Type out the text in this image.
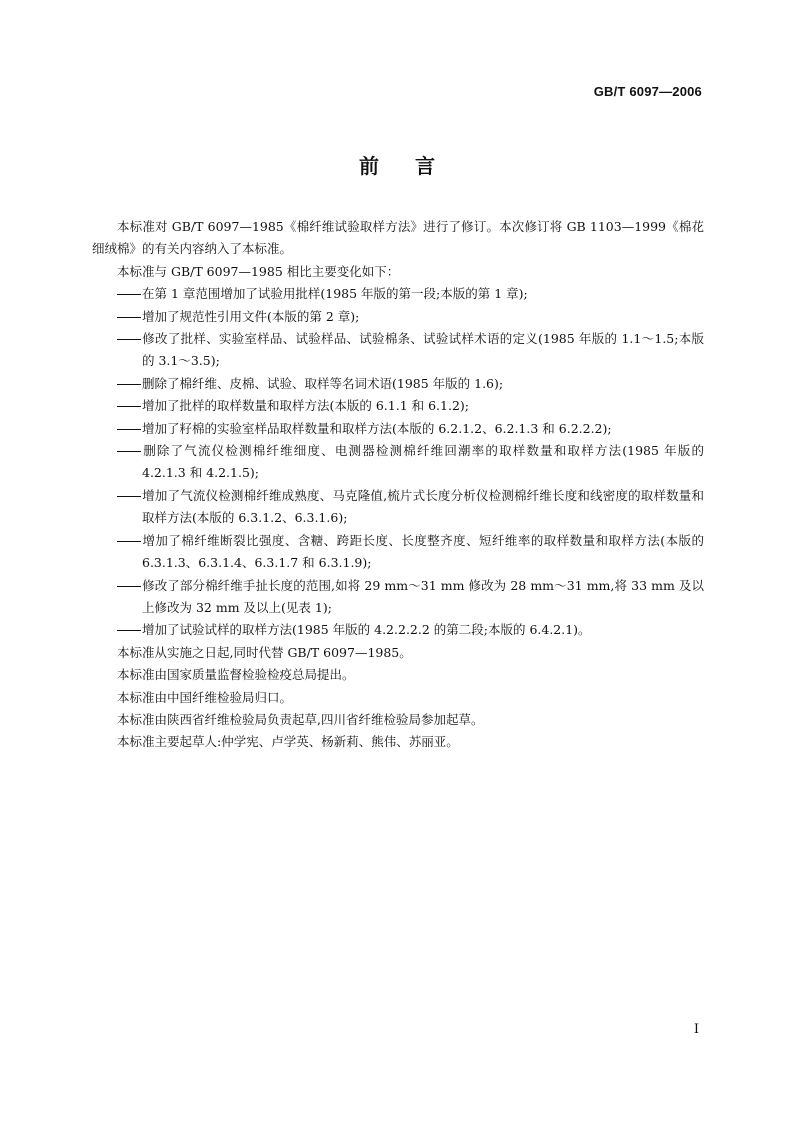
GB/T 6097—2006
前言

本标准对 GB/T 6097—1985《棉纤维试验取样方法》进行了修订。本次修订将 GB 1103—1999《棉花 细绒棉》的有关内容纳入了本标准。

本标准与 GB/T 6097—1985 相比主要变化如下：

在第 1 章范围增加了试验用批样(1985 年版的第一段;本版的第 1 章);

增加了规范性引用文件(本版的第 2 章);

修改了批样、实验室样品、试验样品、试验棉条、试验试样术语的定义(1985 年版的 1.1～1.5;本版的 3.1～3.5);

删除了棉纤维、皮棉、试验、取样等名词术语(1985 年版的 1.6);

增加了批样的取样数量和取样方法(本版的 6.1.1 和 6.1.2);

增加了籽棉的实验室样品取样数量和取样方法(本版的 6.2.1.2、6.2.1.3 和 6.2.2.2);

删除了气流仪检测棉纤维细度、电测器检测棉纤维回潮率的取样数量和取样方法(1985 年版的 4.2.1.3 和 4.2.1.5);

增加了气流仪检测棉纤维成熟度、马克隆值,梳片式长度分析仪检测棉纤维长度和线密度的取样数量和取样方法(本版的 6.3.1.2、6.3.1.6);

增加了棉纤维断裂比强度、含糖、跨距长度、长度整齐度、短纤维率的取样数量和取样方法(本版的 6.3.1.3、6.3.1.4、6.3.1.7 和 6.3.1.9);

修改了部分棉纤维手扯长度的范围,如将 29 mm～31 mm 修改为 28 mm～31 mm,将 33 mm 及以上修改为 32 mm 及以上(见表 1);

增加了试验试样的取样方法(1985 年版的 4.2.2.2.2 的第二段;本版的 6.4.2.1)。

本标准从实施之日起,同时代替 GB/T 6097—1985。

本标准由国家质量监督检验检疫总局提出。

本标准由中国纤维检验局归口。

本标准由陕西省纤维检验局负责起草,四川省纤维检验局参加起草。

本标准主要起草人:仲学宪、卢学英、杨新莉、熊伟、苏丽亚。

I
